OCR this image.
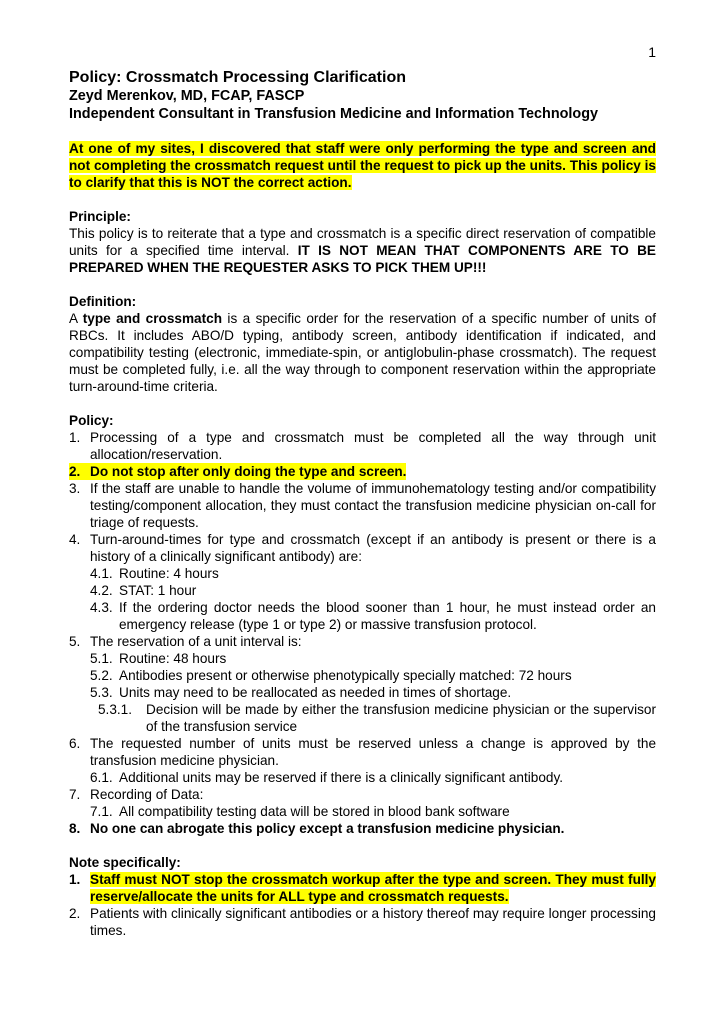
1
Policy: Crossmatch Processing Clarification
Zeyd Merenkov, MD, FCAP, FASCP
Independent Consultant in Transfusion Medicine and Information Technology

At one of my sites, I discovered that staff were only performing the type and screen and not completing the crossmatch request until the request to pick up the units. This policy is to clarify that this is NOT the correct action.

Principle:

This policy is to reiterate that a type and crossmatch is a specific direct reservation of compatible units for a specified time interval. IT IS NOT MEAN THAT COMPONENTS ARE TO BE PREPARED WHEN THE REQUESTER ASKS TO PICK THEM UP!!!

Definition:

A type and crossmatch is a specific order for the reservation of a specific number of units of RBCs. It includes ABO/D typing, antibody screen, antibody identification if indicated, and compatibility testing (electronic, immediate-spin, or antiglobulin-phase crossmatch). The request must be completed fully, i.e. all the way through to component reservation within the appropriate turn-around-time criteria.

Policy:
1. Processing of a type and crossmatch must be completed all the way through unit allocation/reservation.
2. Do not stop after only doing the type and screen.
3. If the staff are unable to handle the volume of immunohematology testing and/or compatibility testing/component allocation, they must contact the transfusion medicine physician on-call for triage of requests.
4. Turn-around-times for type and crossmatch (except if an antibody is present or there is a history of a clinically significant antibody) are:
4.1. Routine: 4 hours
4.2. STAT: 1 hour
4.3. If the ordering doctor needs the blood sooner than 1 hour, he must instead order an emergency release (type 1 or type 2) or massive transfusion protocol.
5. The reservation of a unit interval is:
5.1. Routine: 48 hours
5.2. Antibodies present or otherwise phenotypically specially matched: 72 hours
5.3. Units may need to be reallocated as needed in times of shortage.
5.3.1. Decision will be made by either the transfusion medicine physician or the supervisor of the transfusion service
6. The requested number of units must be reserved unless a change is approved by the transfusion medicine physician.
6.1. Additional units may be reserved if there is a clinically significant antibody.
7. Recording of Data:
7.1. All compatibility testing data will be stored in blood bank software
8. No one can abrogate this policy except a transfusion medicine physician.
Note specifically:
1. Staff must NOT stop the crossmatch workup after the type and screen. They must fully reserve/allocate the units for ALL type and crossmatch requests.
2. Patients with clinically significant antibodies or a history thereof may require longer processing times.
